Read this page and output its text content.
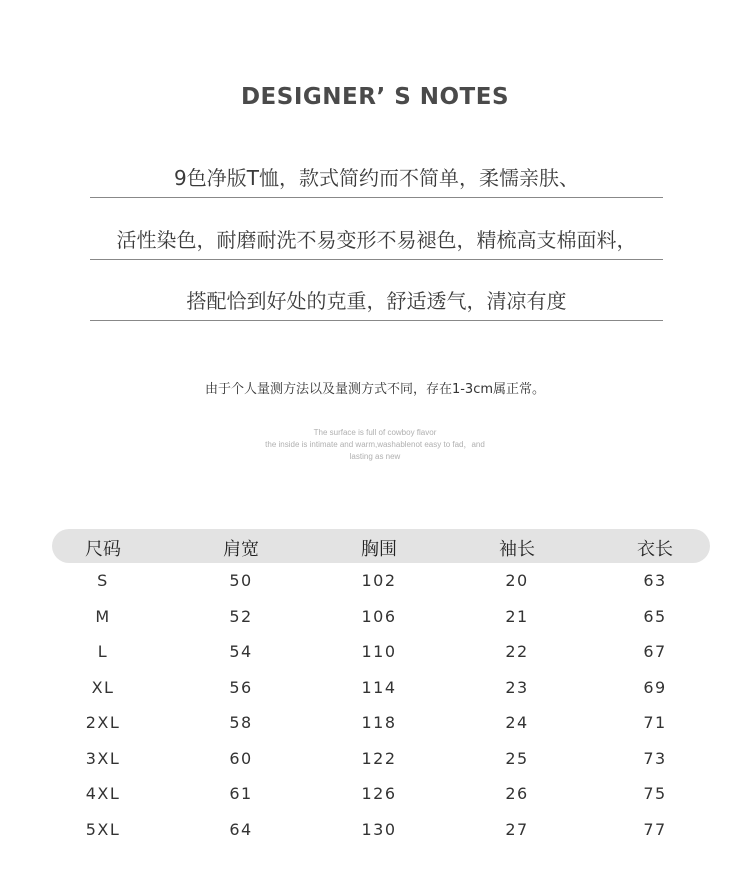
DESIGNER’ S NOTES
9色净版T恤，款式简约而不简单，柔懦亲肤、
活性染色，耐磨耐洗不易变形不易褪色，精梳高支棉面料，
搭配恰到好处的克重，舒适透气，清凉有度
由于个人量测方法以及量测方式不同，存在1-3cm属正常。
The surface is full of cowboy flavor
the inside is intimate and warm,washablenot easy to fad，and
lasting as new
尺码	肩宽	胸围	袖长	衣长
S	50	102	20	63
M	52	106	21	65
L	54	110	22	67
XL	56	114	23	69
2XL	58	118	24	71
3XL	60	122	25	73
4XL	61	126	26	75
5XL	64	130	27	77
